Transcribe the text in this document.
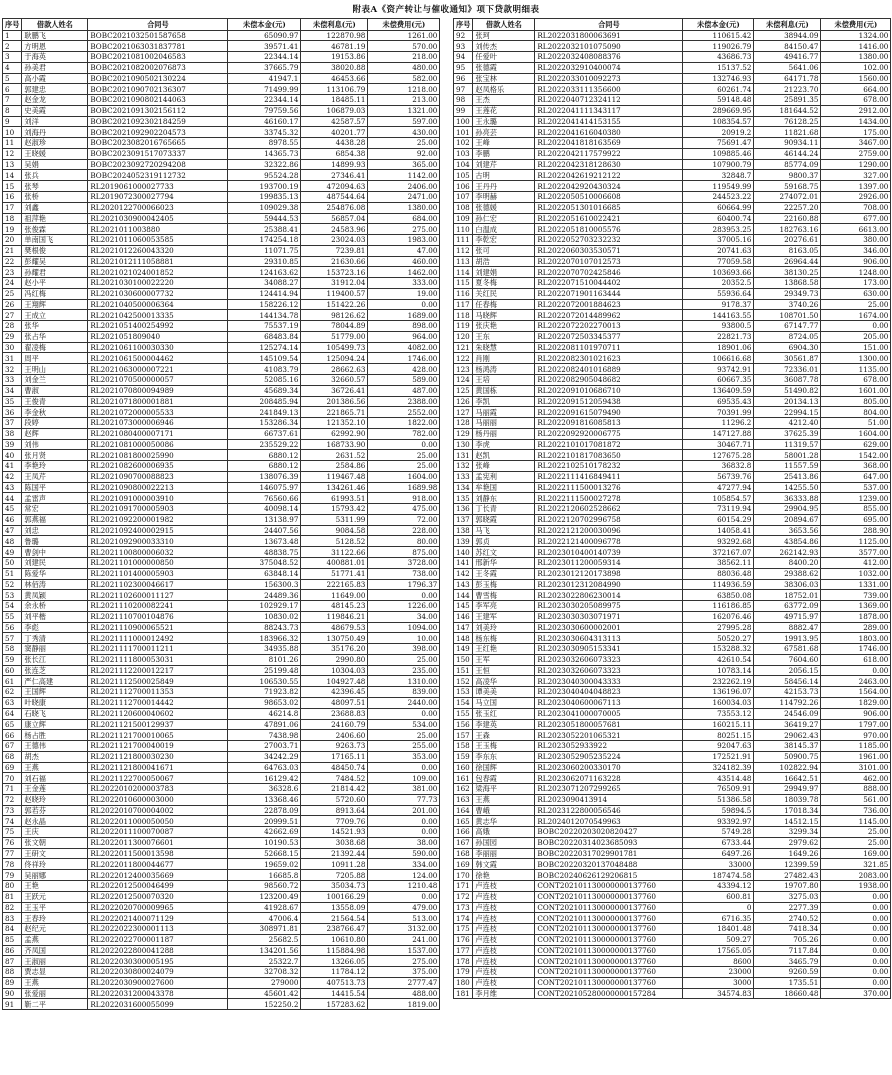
附表A《资产转让与催收通知》项下贷款明细表
序号	借款人姓名	合同号	未偿本金(元)	未偿利息(元)	未偿费用(元)
1	耿鹏飞	BOBC2021032501587658	65090.97	122870.98	1261.00
2	方明恩	BOBC2021063031837781	39571.41	46781.19	570.00
3	于海英	BOBC2021081002046583	22344.14	19153.86	218.00
4	孙美君	BOBC2021082002076873	37665.79	38020.88	480.00
5	高小霞	BOBC2021090502130224	41947.1	46453.66	582.00
6	郭建忠	BOBC2021090702136307	71499.99	113106.79	1218.00
7	赵金龙	BOBC2021090802144063	22344.14	18485.11	213.00
8	史美霞	BOBC2021091302156112	79759.56	106879.03	1321.00
9	刘洋	BOBC2021092302184259	46160.17	42587.57	597.00
10	刘海丹	BOBC2021092902204573	33745.32	40201.77	430.00
11	赵淑珍	BOBC2023082016765665	8978.55	4438.28	25.00
12	王晓媛	BOBC2023091517073337	14365.73	6854.38	92.00
13	吴娟	BOBC2023092720294208	32322.86	14899.93	365.00
14	张兵	BOBC2024052319112732	95524.28	27346.41	1142.00
15	张琴	RL2019061000027733	193700.19	472094.63	2406.00
16	张桥	RL2019072300027794	199835.13	487544.64	2471.00
17	刘鑫	RL2020122700066023	109029.38	254876.08	1380.00
18	祖萍艳	RL2021030900042405	59444.53	56857.04	684.00
19	张俊霖	RL2021011003880	25388.41	24583.96	275.00
20	单南国飞	RL2021011060053585	174254.18	23024.03	1983.00
21	樊根俊	RL2021012260043320	11071.75	7239.81	47.00
22	彭耀吴	RL2021012111058881	29310.85	21630.66	460.00
23	孙耀君	RL2021021024001852	124163.62	153723.16	1462.00
24	赵小平	RL2021030100022220	34088.27	31912.04	333.00
25	冯红梅	RL2021030600007732	124414.94	119400.57	19.00
26	王翔辉	RL2021040500006364	158226.12	151422.26	0.00
27	王成立	RL2021042500013335	144134.78	98126.62	1689.00
28	张华	RL2021051400254992	75537.19	78044.89	898.00
29	张占华	RL2021051809040	68483.84	51779.00	964.00
30	翟凌梅	RL2021061100030330	125274.14	105499.73	4082.00
31	周平	RL2021061500004462	145109.54	125094.24	1746.00
32	王明山	RL2021063000007221	41083.79	28662.63	428.00
33	刘金兰	RL2021070500000057	52085.16	32660.57	589.00
34	曹淑	RL2021070800094989	45689.34	36726.41	487.00
35	王俊青	RL2021071800001881	208485.94	201386.56	2388.00
36	李金秋	RL2021072000005533	241849.13	221865.71	2552.00
37	段婷	RL2021073000006946	153286.34	121352.10	1822.00
38	赵辉	RL2021080400007171	66737.61	62992.90	782.00
39	刘伟	RL2021081000050086	235529.22	168733.90	0.00
40	张月贤	RL2021081800025990	6880.12	2631.52	25.00
41	李艳玲	RL2021082600006935	6880.12	2584.86	25.00
42	王凤芹	RL2021090700088823	138076.39	119467.48	1604.00
43	陈国平	RL2021090800022213	146075.97	134261.46	1689.98
44	孟雷声	RL2021091000003910	76560.66	61993.51	918.00
45	常宏	RL2021091700005903	40098.14	15793.42	475.00
46	郭燕福	RL2021092200001982	13138.97	5311.99	72.00
47	刘忠	RL2021092400002915	24407.56	9084.58	228.00
48	鲁璐	RL2021092900033310	13673.48	5128.52	80.00
49	曹剑中	RL2021100800006032	48838.75	31122.66	875.00
50	刘建民	RL2021101000000850	375048.52	400881.01	3728.00
51	陈爱华	RL2021101400005903	63848.14	51771.41	738.00
52	林佰涛	RL2021102300046617	156300.3	222165.83	1796.37
53	黄凤颖	RL2021102600011127	24489.36	11649.00	0.00
54	余永桥	RL2021110200082241	102929.17	48145.23	1226.00
55	刘平楷	RL2021110700104876	10830.02	119846.21	34.00
56	李彪	RL2021110900065521	88243.73	48679.53	1094.00
57	丁秀清	RL2021111000012492	183966.32	130750.49	10.00
58	窦静丽	RL2021111700011211	34935.88	35176.20	398.00
59	张长江	RL2021111800053031	8101.26	2990.80	25.00
60	张连芝	RL2021112200012217	25199.48	10304.03	235.00
61	严仁高建	RL2021112500025849	106530.55	104927.48	1310.00
62	王国辉	RL2021112700011353	71923.82	42396.45	839.00
63	叶晓康	RL2021112700014442	98653.02	48097.51	2440.00
64	石晓飞	RL2021120600040602	46214.8	23688.83	0.00
65	康立辉	RL2021121500129937	47891.06	24160.79	534.00
66	杨占胜	RL2021121700010065	7438.98	2406.60	25.00
67	王德伟	RL2021121700040019	27003.71	9263.73	255.00
68	胡杰	RL2021121800030230	34242.29	17165.11	353.00
69	王燕	RL2021121800041671	64763.03	48450.74	0.00
70	刘石福	RL2021122700050067	16129.42	7484.52	109.00
71	王金莲	RL2022010200003783	36328.6	21814.42	381.00
72	赵晓玲	RL2022010600003000	13368.46	5720.60	77.73
73	郭若芬	RL2022010700004002	22878.09	8913.64	201.00
74	赵永晶	RL2022011000050050	20999.51	7709.76	0.00
75	王庆	RL2022011100070087	42662.69	14521.93	0.00
76	张文朝	RL2022011300076601	10190.53	3038.68	38.00
77	王研文	RL2022011500013598	52668.15	21392.44	590.00
78	佟祥玲	RL2022011800044677	19659.02	10911.28	334.00
79	吴丽娜	RL2022012400035669	16685.8	7205.88	124.00
80	王艳	RL2022012500046499	98560.72	35034.73	1210.48
81	王跃元	RL2022012500070320	123200.49	100166.29	0.00
82	王玉平	RL2022020700009965	41928.67	13558.09	479.00
83	王春玲	RL2022021400071129	47006.4	21564.54	513.00
84	赵纪元	RL2022022300001113	308971.81	238766.47	3132.00
85	孟燕	RL2022022700001187	25682.5	10610.80	241.00
86	齐凤国	RL2022022800041288	134201.56	115884.98	1537.00
87	王淑丽	RL2022030300005195	25322.7	13266.05	275.00
88	贾志显	RL2022030800024079	32708.32	11784.12	375.00
89	王燕	RL2022030900027600	279000	407513.73	2777.47
90	张爱丽	RL2022031200043378	45601.42	14415.54	488.00
91	靳二平	RL2022031600055099	152250.2	157283.62	1819.00
序号	借款人姓名	合同号	未偿本金(元)	未偿利息(元)	未偿费用(元)
92	张珂	RL2022031800063691	110615.42	38944.09	1324.00
93	刘传杰	RL2022032101075090	119026.79	84150.47	1416.00
94	任爱叶	RL2022032408088376	43686.73	49416.77	1380.00
95	张德霞	RL2022032910400074	15137.52	5641.06	102.00
96	张宝林	RL2022033010092273	132746.93	64171.78	1560.00
97	赵凤格乐	RL2022033111356600	60261.74	21223.70	664.00
98	王杰	RL2022040712324112	59148.48	25891.35	678.00
99	王莲花	RL2022041111343117	289669.95	181644.52	2912.00
100	王永璐	RL2022041414153155	108354.57	76128.25	1434.00
101	孙亮芸	RL2022041616040380	20919.2	11821.68	175.00
102	王峰	RL2022041818163569	75691.47	90934.11	3467.00
103	李鹏	RL2022042117579922	109885.46	46144.24	2759.00
104	刘建芹	RL2022042318128630	107900.79	85774.09	1290.00
105	古明	RL2022042619212122	32848.7	9800.37	327.00
106	王丹丹	RL2022042920430324	119549.99	59168.75	1397.00
107	李明赫	RL2022050510006608	244523.22	274072.01	2926.00
108	张德媛	RL2022051301016685	60664.99	22257.20	708.00
109	孙仁宏	RL2022051610022421	60400.74	22160.88	677.00
110	白温成	RL2022051810005576	283953.25	182763.16	6613.00
111	李乾宏	RL2022052703232232	37005.16	20276.61	380.00
112	张可	RL2022060303530571	20741.63	8163.05	346.00
113	胡浩	RL2022070107012573	77059.58	26964.44	906.00
114	刘建娟	RL2022070702425846	103693.66	38130.25	1248.00
115	夏冬梅	RL2022071510044402	20352.5	13868.58	173.00
116	关红民	RL2022071901163444	55936.64	29349.73	630.00
117	任春梅	RL2022072001884623	9178.37	3740.26	25.00
118	马晓辉	RL2022072014489962	144163.55	108701.50	1674.00
119	张庆艳	RL2022072202270013	93800.5	67147.77	0.00
120	王东	RL2022072503345377	22821.73	8724.05	205.00
121	朱晓慧	RL2022081101970711	18901.06	6904.30	151.00
122	肖刚	RL2022082301021623	106616.68	30561.87	1300.00
123	杨鸿涛	RL2022082401016889	93742.91	72336.01	1135.00
124	王培	RL2022082905048682	60667.35	36087.78	678.00
125	黄国栋	RL2022091010686710	136409.59	51490.82	1601.00
126	李凯	RL2022091512059438	69535.43	20134.13	805.00
127	马丽霞	RL2022091615079490	70391.99	22994.15	804.00
128	马丽丽	RL2022091816085813	11296.2	4212.40	51.00
129	杨丹丽	RL2022092920006775	147127.88	37625.39	1604.00
130	李虎	RL2022101017081872	30467.71	11319.57	629.00
131	赵凯	RL2022101817083650	127675.28	58001.28	1542.00
132	张峰	RL2022102510178232	36832.8	11557.59	368.00
133	孟宪利	RL2022111416849411	56739.76	25413.86	647.00
134	牟艳国	RL2022111500013276	47277.94	14255.50	537.00
135	刘静东	RL2022111500027278	105854.57	36333.88	1239.00
136	丁长青	RL2022120602528662	73119.94	29904.95	855.00
137	郭晓霞	RL2022120702996758	60154.29	20894.67	695.00
138	马飞	RL2022121200030096	14058.41	3653.56	288.90
139	郭贞	RL2022121400096778	93292.68	43854.86	1125.00
140	苏红文	RL2023010400140739	372167.07	262142.93	3577.00
141	邢新华	RL2023011200059314	38562.11	8400.20	412.00
142	王冬霞	RL2023012120173898	88036.48	29388.62	1032.00
143	彭玉梅	RL2023012312084990	114936.59	38306.03	1331.00
144	曹雪梅	RL2023022806230014	63850.08	18752.01	739.00
145	李军亮	RL2023030205089975	116186.85	63772.09	1369.00
146	王建军	RL2023030303071971	162076.46	49715.97	1878.00
147	刘美玲	RL2023030600002001	27995.28	8882.47	289.00
148	杨东梅	RL2023030604313113	50520.27	19913.95	1803.00
149	王红艳	RL2023030905153341	153288.32	67581.68	1746.00
150	王军	RL2023032606073323	42610.54	7604.60	618.00
151	王恒	RL2023032606073323	10783.14	2056.15	0.00
152	高凌华	RL2023040300043333	232262.19	58456.14	2463.00
153	谭美美	RL2023040404048823	136196.07	42153.73	1564.00
154	马立国	RL2023040600067113	160034.03	114792.26	1829.00
155	张玉红	RL2023041000070005	73553.12	24546.09	906.00
156	李建英	RL2023051800057681	160215.11	36419.27	1797.00
157	王森	RL2023052201065321	80251.15	29062.43	970.00
158	王玉梅	RL2023052933922	92047.63	38145.37	1185.00
159	李东东	RL2023052905235224	172521.91	50900.75	1961.00
160	徐国辉	RL2023060200330170	324182.39	102822.94	3101.00
161	包春霞	RL2023062071163228	43514.48	16642.51	462.00
162	梁海平	RL2023071207299265	76509.91	29949.97	888.00
163	王燕	RL2023090413914	51386.58	18039.78	561.00
164	曹峨	RL2023122800056546	59894.5	17018.34	736.00
165	黄志华	RL2024012070549963	93392.97	14512.15	1145.00
166	高娥	BOBC20220203020820427	5749.28	3299.34	25.00
167	孙国园	BOBC20220314023685093	6733.44	2979.62	25.00
168	李丽丽	BOBC20220317029901781	6497.26	1649.26	169.00
169	韩文霞	BOBC20220320137048488	33000	12399.59	321.85
170	徐艳	BOBC20240626129206815	187474.58	27482.43	2083.00
171	卢连枝	CONT202101130000000137760	43394.12	19707.80	1938.00
172	卢连枝	CONT202101130000000137760	600.81	3275.03	0.00
173	卢连枝	CONT202101130000000137760	0	2277.39	0.00
174	卢连枝	CONT202101130000000137760	6716.35	2740.52	0.00
175	卢连枝	CONT202101130000000137760	18401.48	7418.34	0.00
176	卢连枝	CONT202101130000000137760	509.27	705.26	0.00
177	卢连枝	CONT202101130000000137760	17565.05	7117.84	0.00
178	卢连枝	CONT202101130000000137760	8600	3465.79	0.00
179	卢连枝	CONT202101130000000137760	23000	9260.59	0.00
180	卢连枝	CONT202101130000000137760	3000	1735.51	0.00
181	李月维	CONT202105280000000157284	34574.83	18660.48	370.00
